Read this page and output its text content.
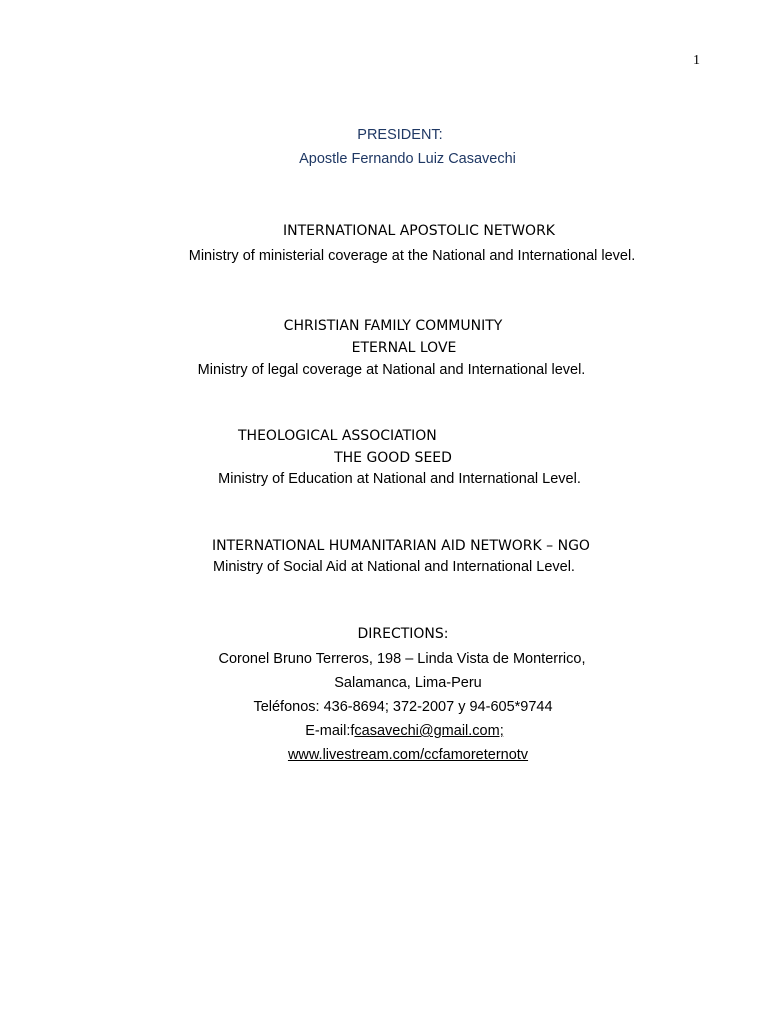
1
PRESIDENT:
Apostle Fernando Luiz Casavechi
INTERNATIONAL APOSTOLIC NETWORK
Ministry of ministerial coverage at the National and International level.
CHRISTIAN FAMILY COMMUNITY
ETERNAL LOVE
Ministry of legal coverage at National and International level.
THEOLOGICAL ASSOCIATION
THE GOOD SEED
Ministry of Education at National and International Level.
INTERNATIONAL HUMANITARIAN AID NETWORK – NGO
Ministry of Social Aid at National and International Level.
DIRECTIONS:
Coronel Bruno Terreros, 198 – Linda Vista de Monterrico,
Salamanca, Lima-Peru
Teléfonos: 436-8694; 372-2007 y 94-605*9744
E-mail:fcasavechi@gmail.com;
www.livestream.com/ccfamoreternotv
